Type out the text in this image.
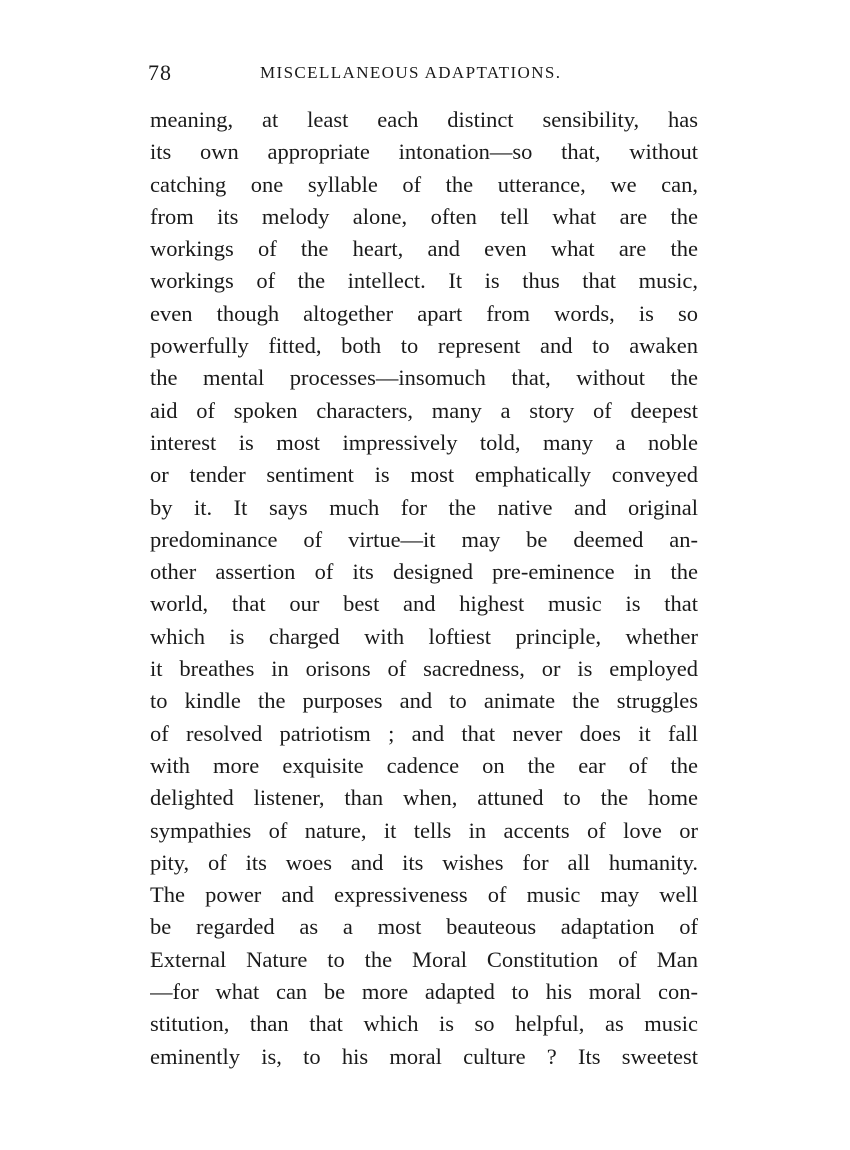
78	MISCELLANEOUS ADAPTATIONS.
meaning, at least each distinct sensibility, has
its own appropriate intonation—so that, without
catching one syllable of the utterance, we can,
from its melody alone, often tell what are the
workings of the heart, and even what are the
workings of the intellect. It is thus that music,
even though altogether apart from words, is so
powerfully fitted, both to represent and to awaken
the mental processes—insomuch that, without the
aid of spoken characters, many a story of deepest
interest is most impressively told, many a noble
or tender sentiment is most emphatically conveyed
by it. It says much for the native and original
predominance of virtue—it may be deemed an-
other assertion of its designed pre-eminence in the
world, that our best and highest music is that
which is charged with loftiest principle, whether
it breathes in orisons of sacredness, or is employed
to kindle the purposes and to animate the struggles
of resolved patriotism ; and that never does it fall
with more exquisite cadence on the ear of the
delighted listener, than when, attuned to the home
sympathies of nature, it tells in accents of love or
pity, of its woes and its wishes for all humanity.
The power and expressiveness of music may well
be regarded as a most beauteous adaptation of
External Nature to the Moral Constitution of Man
—for what can be more adapted to his moral con-
stitution, than that which is so helpful, as music
eminently is, to his moral culture ? Its sweetest
